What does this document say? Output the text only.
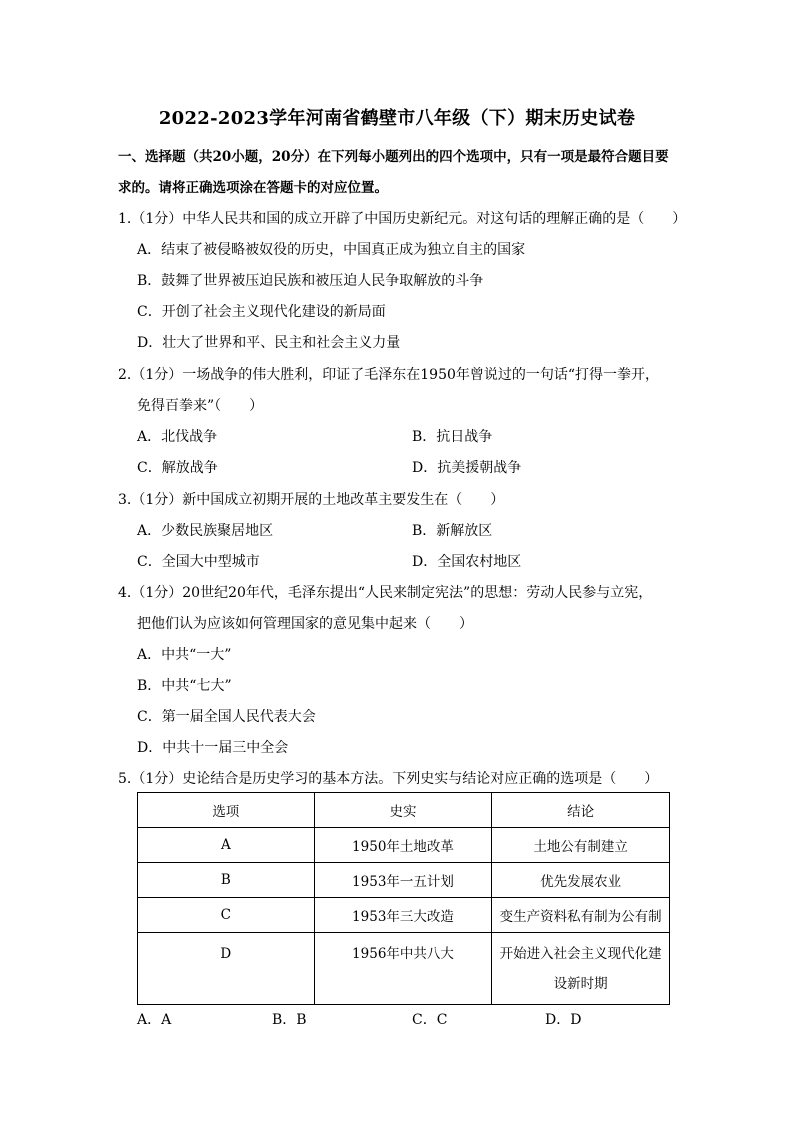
2022-2023学年河南省鹤壁市八年级（下）期末历史试卷
一、选择题（共20小题，20分）在下列每小题列出的四个选项中，只有一项是最符合题目要求的。请将正确选项涂在答题卡的对应位置。
1.（1分）中华人民共和国的成立开辟了中国历史新纪元。对这句话的理解正确的是（　　）
A．结束了被侵略被奴役的历史，中国真正成为独立自主的国家
B．鼓舞了世界被压迫民族和被压迫人民争取解放的斗争
C．开创了社会主义现代化建设的新局面
D．壮大了世界和平、民主和社会主义力量
2.（1分）一场战争的伟大胜利，印证了毛泽东在1950年曾说过的一句话“打得一拳开，
免得百拳来”（　　）
A．北伐战争	B．抗日战争
C．解放战争	D．抗美援朝战争
3.（1分）新中国成立初期开展的土地改革主要发生在（　　）
A．少数民族聚居地区	B．新解放区
C．全国大中型城市	D．全国农村地区
4.（1分）20世纪20年代，毛泽东提出“人民来制定宪法”的思想：劳动人民参与立宪，
把他们认为应该如何管理国家的意见集中起来（　　）
A．中共“一大”
B．中共“七大”
C．第一届全国人民代表大会
D．中共十一届三中全会
5.（1分）史论结合是历史学习的基本方法。下列史实与结论对应正确的选项是（　　）
选项	史实	结论
A	1950年土地改革	土地公有制建立
B	1953年一五计划	优先发展农业
C	1953年三大改造	变生产资料私有制为公有制
D	1956年中共八大	开始进入社会主义现代化建
设新时期
A．A	B．B	C．C	D．D
